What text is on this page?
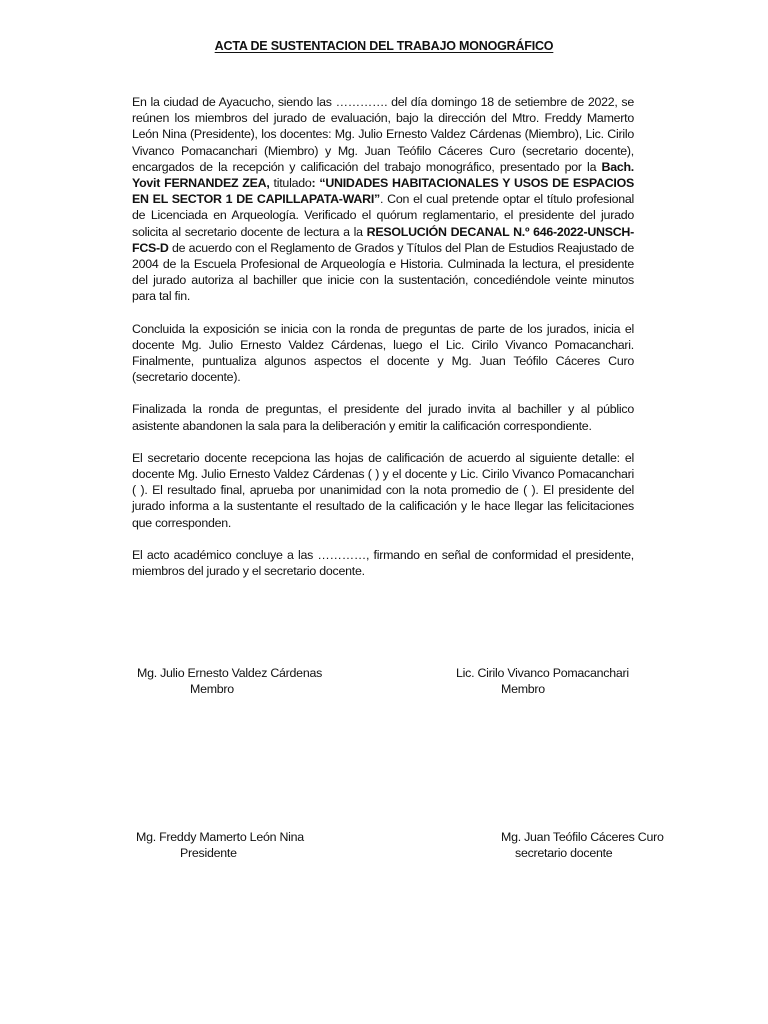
ACTA DE SUSTENTACION DEL TRABAJO MONOGRÁFICO

En la ciudad de Ayacucho, siendo las …………. del día domingo 18 de setiembre de 2022, se reúnen los miembros del jurado de evaluación, bajo la dirección del Mtro. Freddy Mamerto León Nina (Presidente), los docentes: Mg. Julio Ernesto Valdez Cárdenas (Miembro), Lic. Cirilo Vivanco Pomacanchari (Miembro) y Mg. Juan Teófilo Cáceres Curo (secretario docente), encargados de la recepción y calificación del trabajo monográfico, presentado por la Bach. Yovit FERNANDEZ ZEA, titulado: “UNIDADES HABITACIONALES Y USOS DE ESPACIOS EN EL SECTOR 1 DE CAPILLAPATA-WARI”. Con el cual pretende optar el título profesional de Licenciada en Arqueología. Verificado el quórum reglamentario, el presidente del jurado solicita al secretario docente de lectura a la RESOLUCIÓN DECANAL N.º 646-2022-UNSCH-FCS-D de acuerdo con el Reglamento de Grados y Títulos del Plan de Estudios Reajustado de 2004 de la Escuela Profesional de Arqueología e Historia. Culminada la lectura, el presidente del jurado autoriza al bachiller que inicie con la sustentación, concediéndole veinte minutos para tal fin.

Concluida la exposición se inicia con la ronda de preguntas de parte de los jurados, inicia el docente Mg. Julio Ernesto Valdez Cárdenas, luego el Lic. Cirilo Vivanco Pomacanchari. Finalmente, puntualiza algunos aspectos el docente y Mg. Juan Teófilo Cáceres Curo (secretario docente).

Finalizada la ronda de preguntas, el presidente del jurado invita al bachiller y al público asistente abandonen la sala para la deliberación y emitir la calificación correspondiente.

El secretario docente recepciona las hojas de calificación de acuerdo al siguiente detalle: el docente Mg. Julio Ernesto Valdez Cárdenas ( ) y el docente y Lic. Cirilo Vivanco Pomacanchari ( ). El resultado final, aprueba por unanimidad con la nota promedio de ( ). El presidente del jurado informa a la sustentante el resultado de la calificación y le hace llegar las felicitaciones que corresponden.

El acto académico concluye a las …………, firmando en señal de conformidad el presidente, miembros del jurado y el secretario docente.

Mg. Julio Ernesto Valdez Cárdenas
Membro
Lic. Cirilo Vivanco Pomacanchari
Membro
Mg. Freddy Mamerto León Nina
Presidente
Mg. Juan Teófilo Cáceres Curo
secretario docente
